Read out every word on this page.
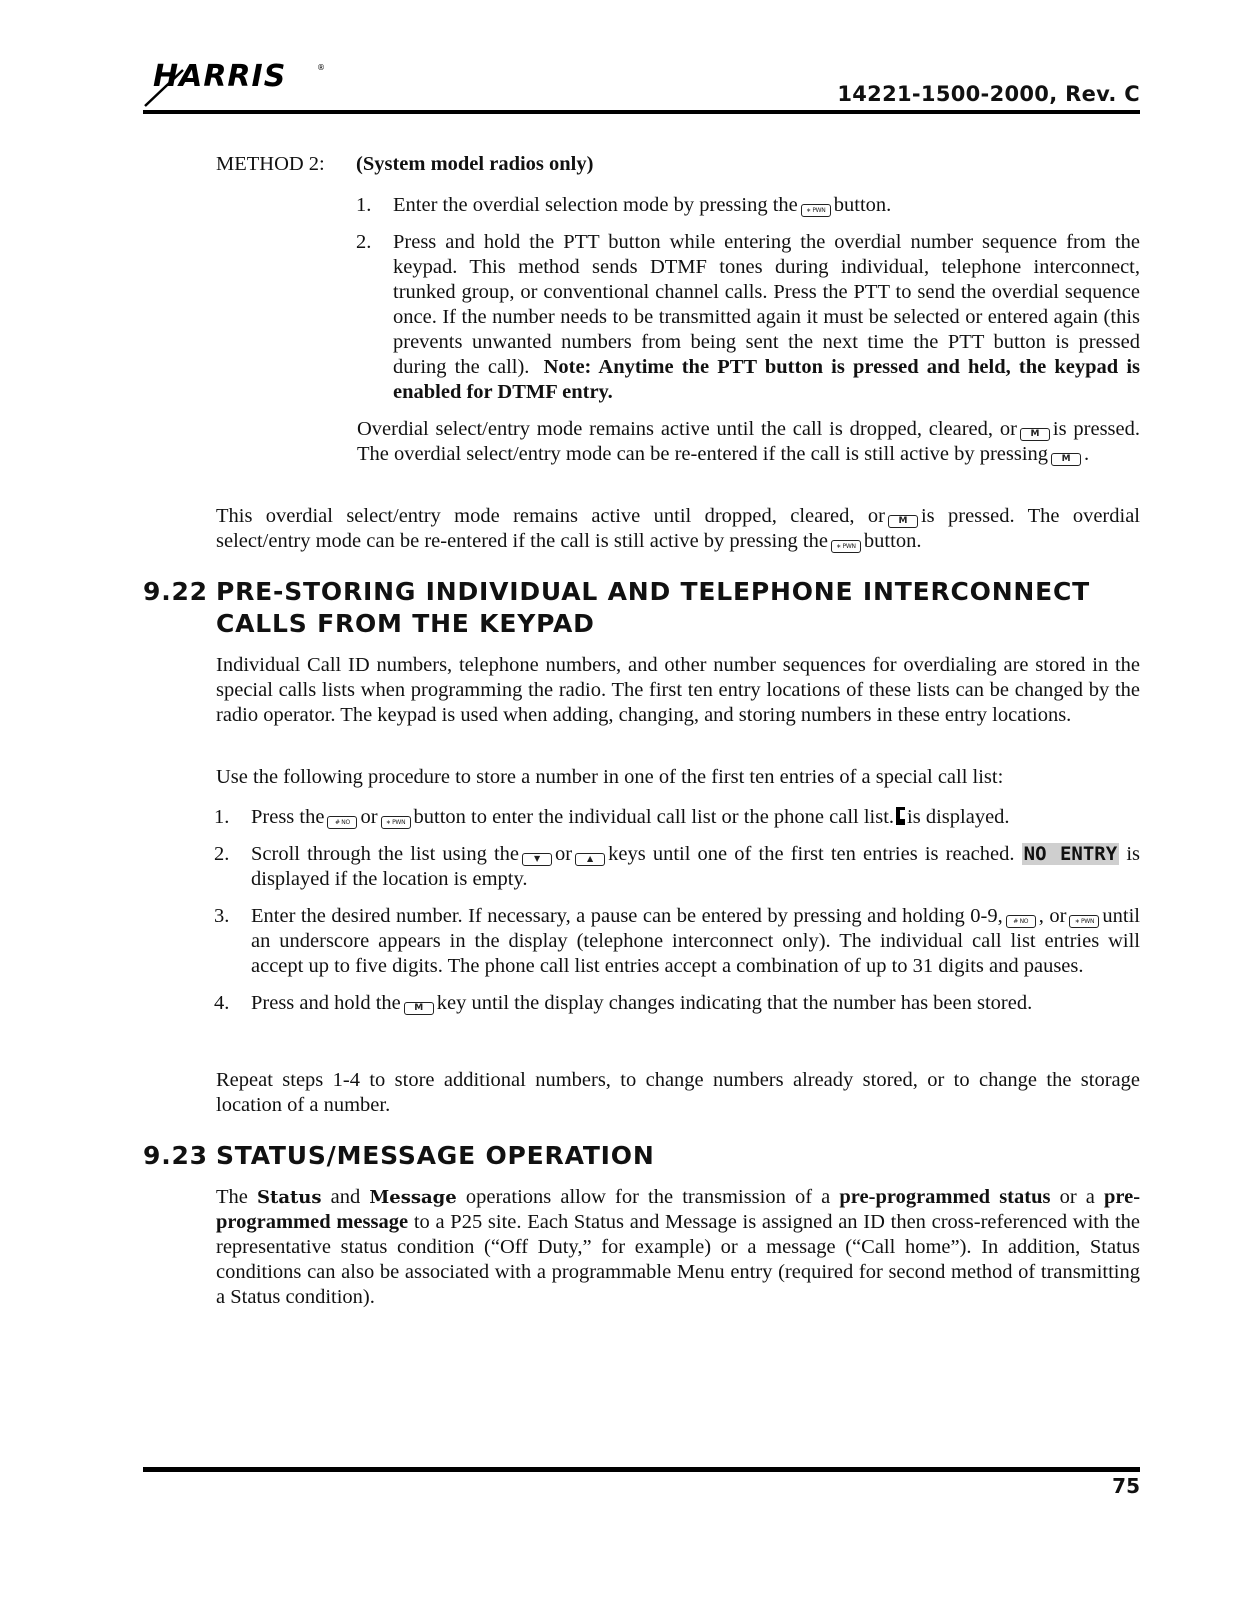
HARRIS	®
14221-1500-2000, Rev. C
METHOD 2: (System model radios only)
1. Enter the overdial selection mode by pressing the ∗ PWN button.
2. Press and hold the PTT button while entering the overdial number sequence from the keypad. This method sends DTMF tones during individual, telephone interconnect, trunked group, or conventional channel calls. Press the PTT to send the overdial sequence once. If the number needs to be transmitted again it must be selected or entered again (this prevents unwanted numbers from being sent the next time the PTT button is pressed during the call). Note: Anytime the PTT button is pressed and held, the keypad is enabled for DTMF entry.

Overdial select/entry mode remains active until the call is dropped, cleared, or M is pressed. The overdial select/entry mode can be re-entered if the call is still active by pressing M .

This overdial select/entry mode remains active until dropped, cleared, or M is pressed. The overdial select/entry mode can be re-entered if the call is still active by pressing the ∗ PWN button.

9.22 PRE-STORING INDIVIDUAL AND TELEPHONE INTERCONNECT
CALLS FROM THE KEYPAD

Individual Call ID numbers, telephone numbers, and other number sequences for overdialing are stored in the special calls lists when programming the radio. The first ten entry locations of these lists can be changed by the radio operator. The keypad is used when adding, changing, and storing numbers in these entry locations.

Use the following procedure to store a number in one of the first ten entries of a special call list:

1. Press the # NO or ∗ PWN button to enter the individual call list or the phone call list. is displayed.
2. Scroll through the list using the ▼ or ▲ keys until one of the first ten entries is reached. NO ENTRY is displayed if the location is empty.
3. Enter the desired number. If necessary, a pause can be entered by pressing and holding 0-9, # NO , or ∗ PWN until an underscore appears in the display (telephone interconnect only). The individual call list entries will accept up to five digits. The phone call list entries accept a combination of up to 31 digits and pauses.
4. Press and hold the M key until the display changes indicating that the number has been stored.

Repeat steps 1-4 to store additional numbers, to change numbers already stored, or to change the storage location of a number.

9.23 STATUS/MESSAGE OPERATION

The Status and Message operations allow for the transmission of a pre-programmed status or a pre-programmed message to a P25 site. Each Status and Message is assigned an ID then cross-referenced with the representative status condition (“Off Duty,” for example) or a message (“Call home”). In addition, Status conditions can also be associated with a programmable Menu entry (required for second method of transmitting a Status condition).

75
